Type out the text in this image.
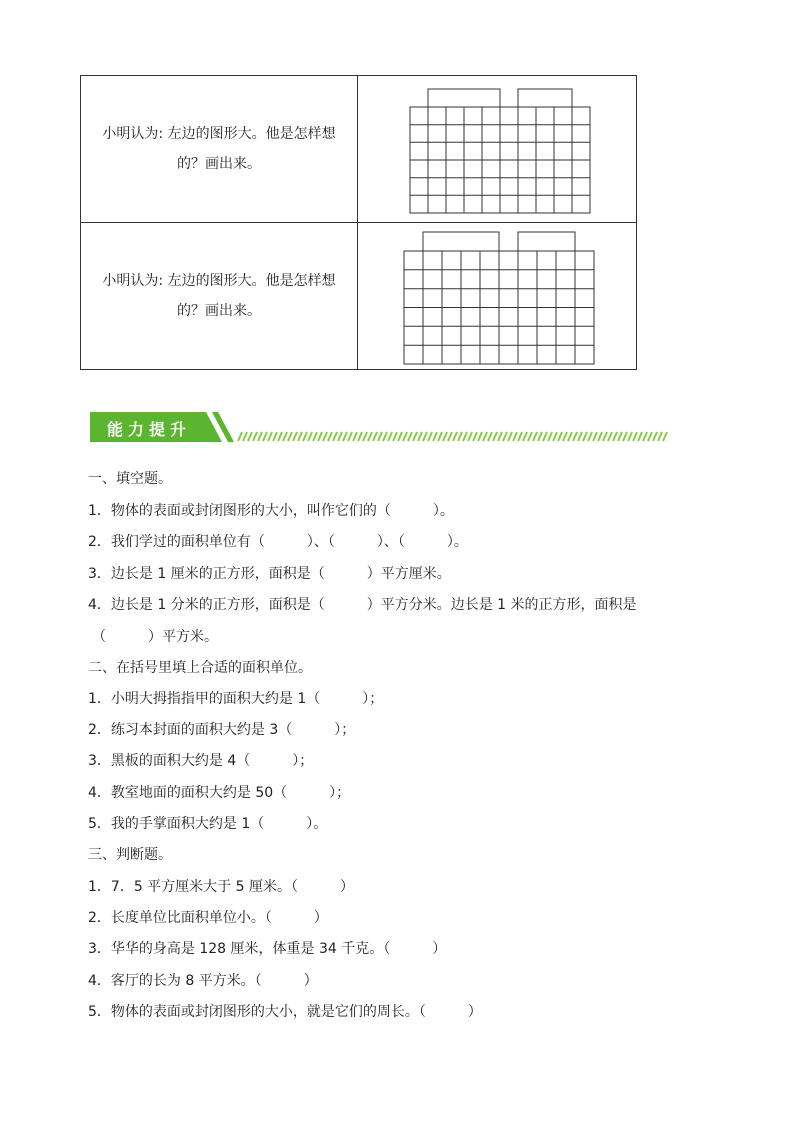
小明认为: 左边的图形大。他是怎样想
的？画出来。

小明认为: 左边的图形大。他是怎样想
的？画出来。

能力提升
一、填空题。
1．物体的表面或封闭图形的大小，叫作它们的（　　　）。
2．我们学过的面积单位有（　　　）、（　　　）、（　　　）。
3．边长是 1 厘米的正方形，面积是（　　　）平方厘米。
4．边长是 1 分米的正方形，面积是（　　　）平方分米。边长是 1 米的正方形，面积是
（　　　）平方米。
二、在括号里填上合适的面积单位。
1．小明大拇指指甲的面积大约是 1（　　　）；
2．练习本封面的面积大约是 3（　　　）；
3．黑板的面积大约是 4（　　　）；
4．教室地面的面积大约是 50（　　　）；
5．我的手掌面积大约是 1（　　　）。
三、判断题。
1．7．5 平方厘米大于 5 厘米。（　　　）
2．长度单位比面积单位小。（　　　）
3．华华的身高是 128 厘米，体重是 34 千克。（　　　）
4．客厅的长为 8 平方米。（　　　）
5．物体的表面或封闭图形的大小，就是它们的周长。（　　　）
